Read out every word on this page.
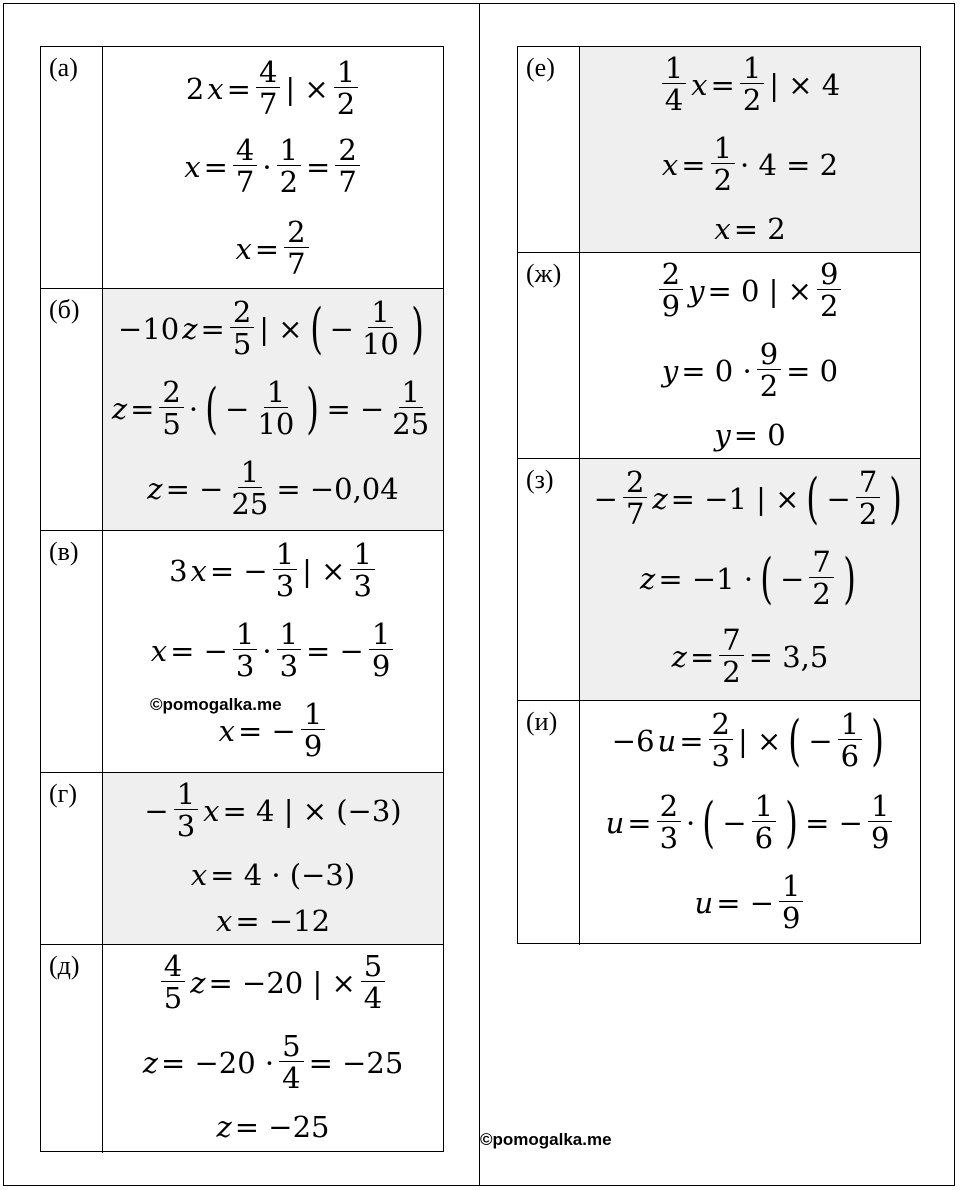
(а)
2 $x = \frac{4}{7}$ | × $\frac{1}{2}$
$x = \frac{4}{7} \cdot \frac{1}{2} = \frac{2}{7}$
$x = \frac{2}{7}$
(б)
−10 $z = \frac{2}{5}$ | × ( − $\frac{1}{10}$ )
$z = \frac{2}{5}$ · ( − $\frac{1}{10}$ ) = − $\frac{1}{25}$
z = − $\frac{1}{25} = -0,04$
(в)
3 x = − $\frac{1}{3}$ | × $\frac{1}{3}$
x = − $\frac{1}{3} \cdot \frac{1}{3}$ = − $\frac{1}{9}$
x = − $\frac{1}{9}$
(г)
− $\frac{1}{3}$ x = 4 | × (−3)
x = 4 · (−3)
x = −12
(д)	$\frac{4}{5}$ z = −20 | × $\frac{5}{4}$
$z = -20 \cdot \frac{5}{4} = -25$
z = −25
(е)	$\frac{1}{4}$ $x = \frac{1}{2}$ | × 4
$x = \frac{1}{2} \cdot 4 = 2$
x = 2
(ж)	$\frac{2}{9}$ y = 0 | × $\frac{9}{2}$
$y = 0 \cdot \frac{9}{2} = 0$
y = 0
(з)
− $\frac{2}{7}$ z = −1 | × ( − $\frac{7}{2}$ )
z = −1 · ( − $\frac{7}{2}$ )
$z = \frac{7}{2} = 3,5$
(и)
−6 $u = \frac{2}{3}$ | × ( − $\frac{1}{6}$ )
$u = \frac{2}{3}$ · ( − $\frac{1}{6}$ ) = − $\frac{1}{9}$
u = − $\frac{1}{9}$
©pomogalka.me
©pomogalka.me
